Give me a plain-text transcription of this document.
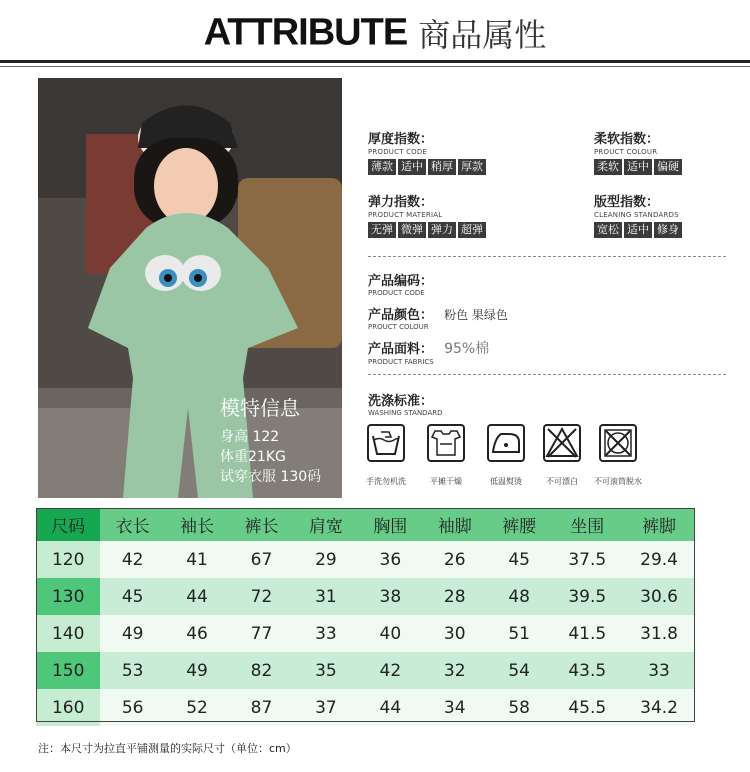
ATTRIBUTE 商品属性
模特信息
身高 122
体重21KG
试穿衣服 130码
厚度指数：
PRODUCT CODE
薄款 适中 稍厚 厚款
柔软指数：
PROUCT COLOUR
柔软 适中 偏硬
弹力指数：
PRODUCT MATERIAL
无弹 微弹 弹力 超弹
版型指数：
CLEANING STANDARDS
宽松 适中 修身
产品编码：
PRODUCT CODE
产品颜色： 粉色 果绿色
PROUCT COLOUR
产品面料： 95%棉
PRODUCT FABRICS
洗涤标准：
WASHING STANDARD
手洗勿机洗	平摊干燥	低温熨烫	不可漂白	不可滚筒脱水
尺码	衣长	袖长	裤长	肩宽	胸围	袖脚	裤腰	坐围	裤脚
120	42	41	67	29	36	26	45	37.5	29.4
130	45	44	72	31	38	28	48	39.5	30.6
140	49	46	77	33	40	30	51	41.5	31.8
150	53	49	82	35	42	32	54	43.5	33
160	56	52	87	37	44	34	58	45.5	34.2
注：本尺寸为拉直平铺测量的实际尺寸（单位：cm）
